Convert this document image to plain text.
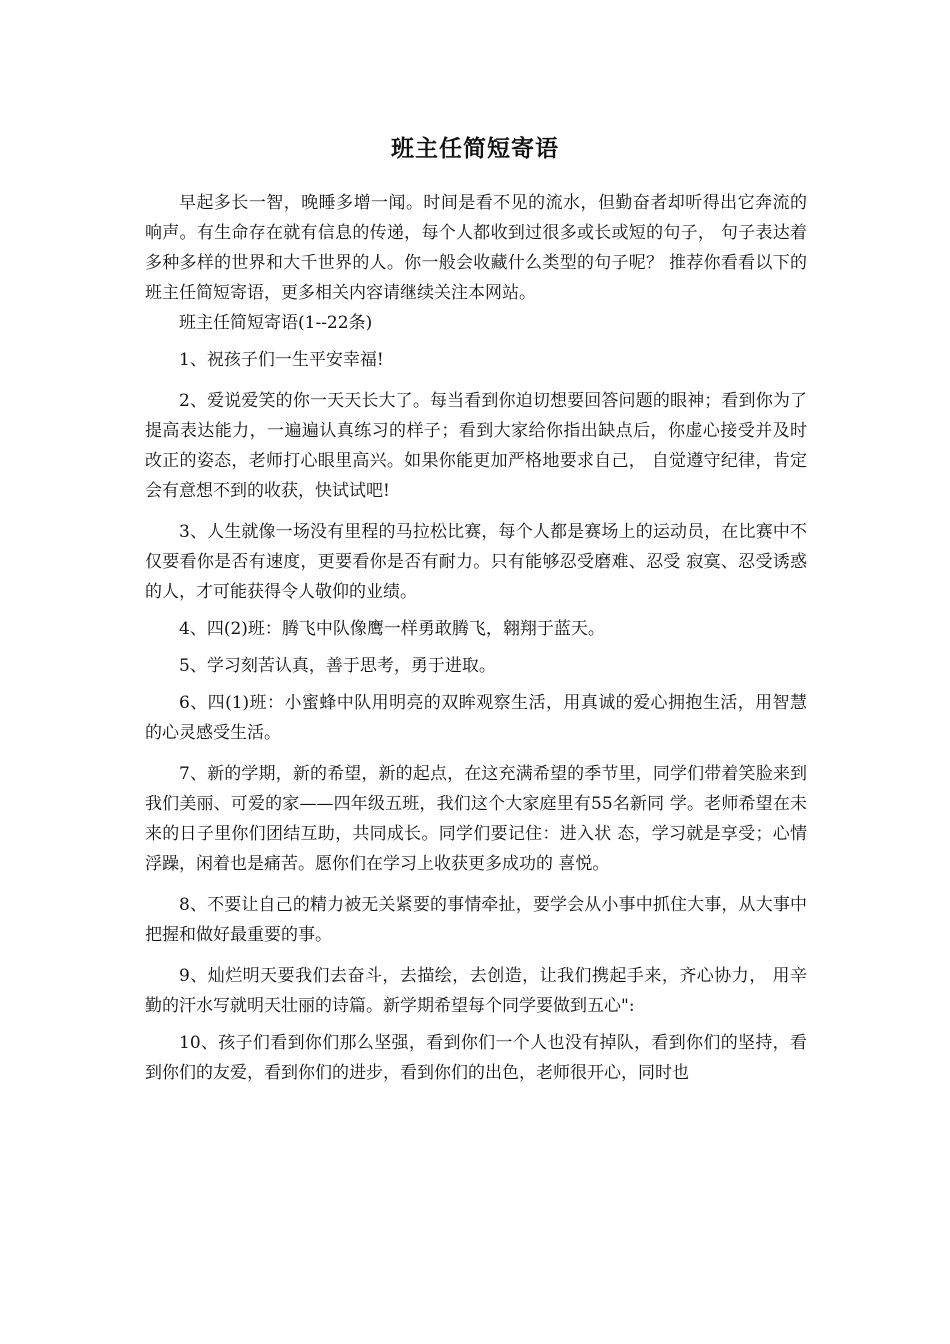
班主任简短寄语

早起多长一智，晚睡多增一闻。时间是看不见的流水，但勤奋者却听得出它奔流的响声。有生命存在就有信息的传递，每个人都收到过很多或长或短的句子， 句子表达着多种多样的世界和大千世界的人。你一般会收藏什么类型的句子呢？ 推荐你看看以下的班主任简短寄语，更多相关内容请继续关注本网站。

班主任简短寄语(1--22条)

1、祝孩子们一生平安幸福!

2、爱说爱笑的你一天天长大了。每当看到你迫切想要回答问题的眼神；看到你为了提高表达能力，一遍遍认真练习的样子；看到大家给你指出缺点后，你虚心接受并及时改正的姿态，老师打心眼里高兴。如果你能更加严格地要求自己， 自觉遵守纪律，肯定会有意想不到的收获，快试试吧!

3、人生就像一场没有里程的马拉松比赛，每个人都是赛场上的运动员，在比赛中不仅要看你是否有速度，更要看你是否有耐力。只有能够忍受磨难、忍受 寂寞、忍受诱惑的人，才可能获得令人敬仰的业绩。

4、四(2)班：腾飞中队像鹰一样勇敢腾飞，翱翔于蓝天。

5、学习刻苦认真，善于思考，勇于进取。

6、四(1)班：小蜜蜂中队用明亮的双眸观察生活，用真诚的爱心拥抱生活，用智慧的心灵感受生活。

7、新的学期，新的希望，新的起点，在这充满希望的季节里，同学们带着笑脸来到我们美丽、可爱的家——四年级五班，我们这个大家庭里有55名新同 学。老师希望在未来的日子里你们团结互助，共同成长。同学们要记住：进入状 态，学习就是享受；心情浮躁，闲着也是痛苦。愿你们在学习上收获更多成功的 喜悦。

8、不要让自己的精力被无关紧要的事情牵扯，要学会从小事中抓住大事，从大事中把握和做好最重要的事。

9、灿烂明天要我们去奋斗，去描绘，去创造，让我们携起手来，齐心协力， 用辛勤的汗水写就明天壮丽的诗篇。新学期希望每个同学要做到五心":

10、孩子们看到你们那么坚强，看到你们一个人也没有掉队，看到你们的坚持，看到你们的友爱，看到你们的进步，看到你们的出色，老师很开心，同时也
